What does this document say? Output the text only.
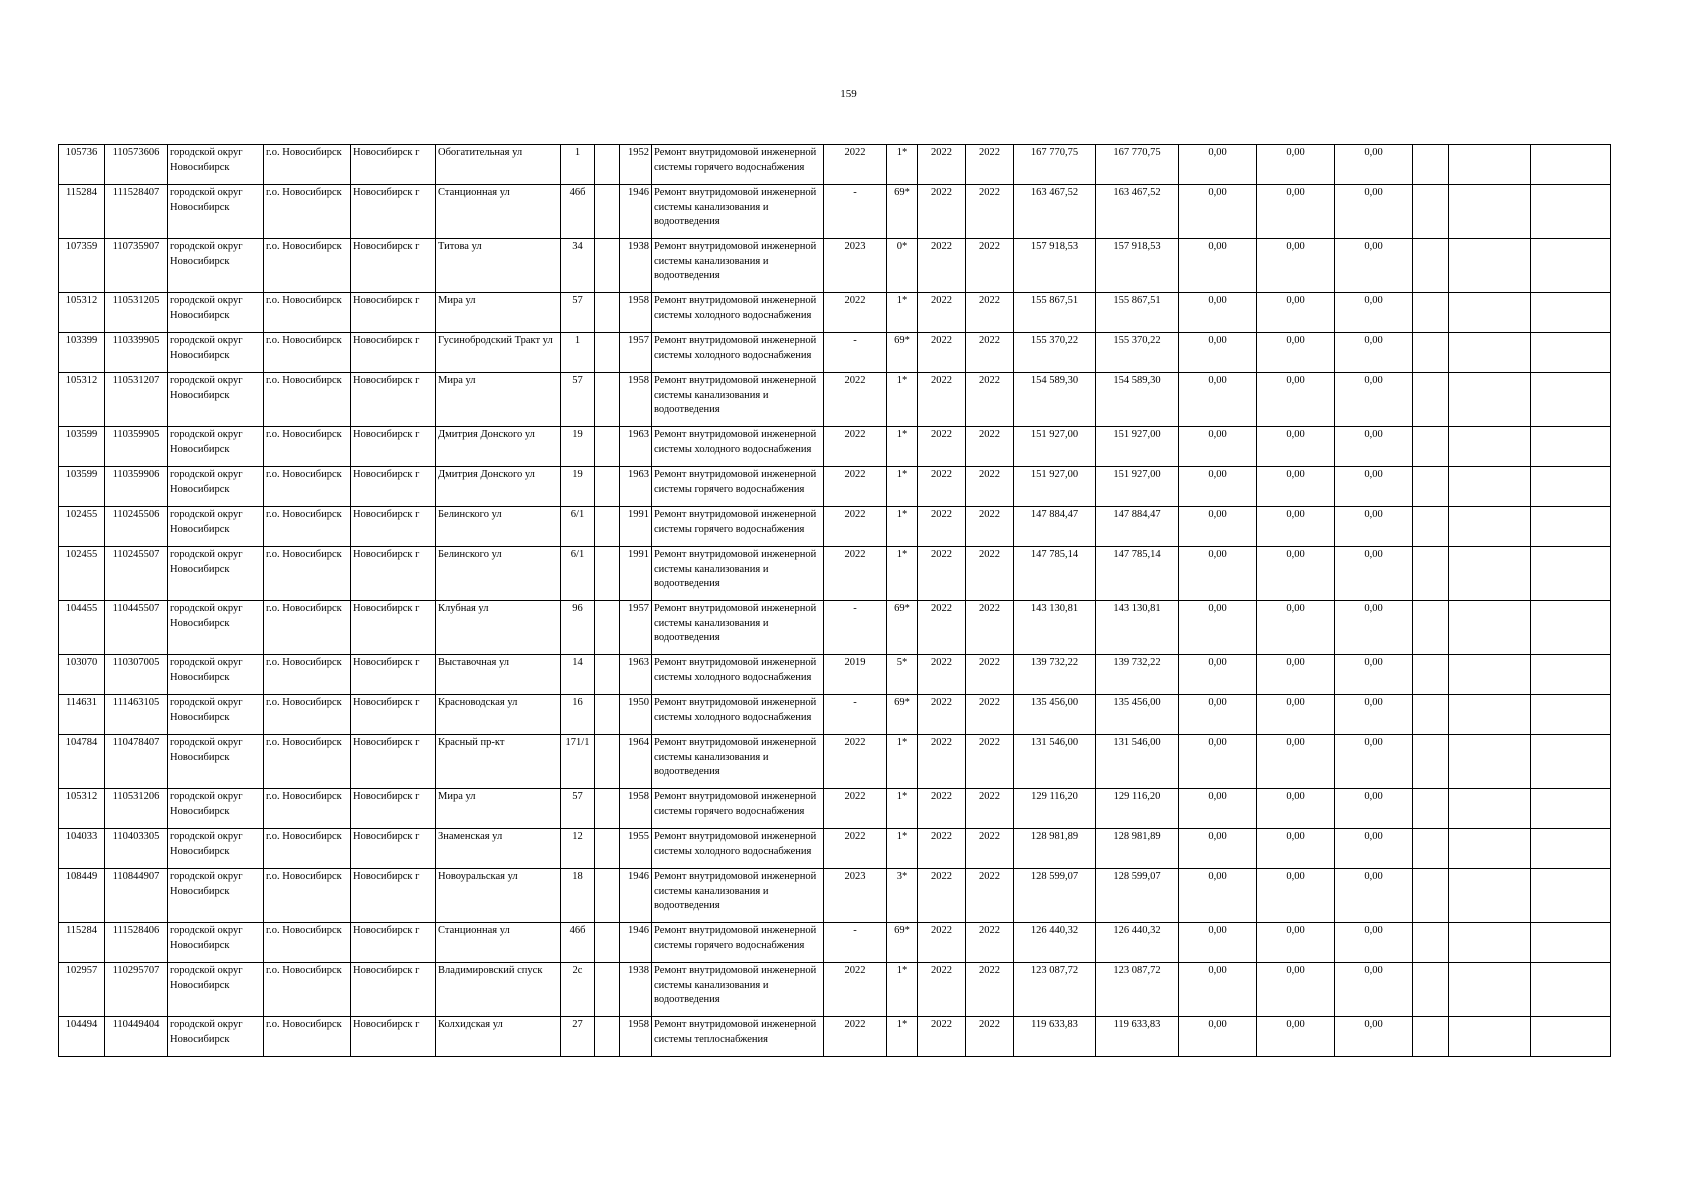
159
105736	110573606	городской округ Новосибирск	г.о. Новосибирск	Новосибирск г	Обогатительная ул	1		1952	Ремонт внутридомовой инженерной системы горячего водоснабжения	2022	1*	2022	2022	167 770,75	167 770,75	0,00	0,00	0,00			
115284	111528407	городской округ Новосибирск	г.о. Новосибирск	Новосибирск г	Станционная ул	46б		1946	Ремонт внутридомовой инженерной системы канализования и водоотведения	-	69*	2022	2022	163 467,52	163 467,52	0,00	0,00	0,00			
107359	110735907	городской округ Новосибирск	г.о. Новосибирск	Новосибирск г	Титова ул	34		1938	Ремонт внутридомовой инженерной системы канализования и водоотведения	2023	0*	2022	2022	157 918,53	157 918,53	0,00	0,00	0,00			
105312	110531205	городской округ Новосибирск	г.о. Новосибирск	Новосибирск г	Мира ул	57		1958	Ремонт внутридомовой инженерной системы холодного водоснабжения	2022	1*	2022	2022	155 867,51	155 867,51	0,00	0,00	0,00			
103399	110339905	городской округ Новосибирск	г.о. Новосибирск	Новосибирск г	Гусинобродский Тракт ул	1		1957	Ремонт внутридомовой инженерной системы холодного водоснабжения	-	69*	2022	2022	155 370,22	155 370,22	0,00	0,00	0,00			
105312	110531207	городской округ Новосибирск	г.о. Новосибирск	Новосибирск г	Мира ул	57		1958	Ремонт внутридомовой инженерной системы канализования и водоотведения	2022	1*	2022	2022	154 589,30	154 589,30	0,00	0,00	0,00			
103599	110359905	городской округ Новосибирск	г.о. Новосибирск	Новосибирск г	Дмитрия Донского ул	19		1963	Ремонт внутридомовой инженерной системы холодного водоснабжения	2022	1*	2022	2022	151 927,00	151 927,00	0,00	0,00	0,00			
103599	110359906	городской округ Новосибирск	г.о. Новосибирск	Новосибирск г	Дмитрия Донского ул	19		1963	Ремонт внутридомовой инженерной системы горячего водоснабжения	2022	1*	2022	2022	151 927,00	151 927,00	0,00	0,00	0,00			
102455	110245506	городской округ Новосибирск	г.о. Новосибирск	Новосибирск г	Белинского ул	6/1		1991	Ремонт внутридомовой инженерной системы горячего водоснабжения	2022	1*	2022	2022	147 884,47	147 884,47	0,00	0,00	0,00			
102455	110245507	городской округ Новосибирск	г.о. Новосибирск	Новосибирск г	Белинского ул	6/1		1991	Ремонт внутридомовой инженерной системы канализования и водоотведения	2022	1*	2022	2022	147 785,14	147 785,14	0,00	0,00	0,00			
104455	110445507	городской округ Новосибирск	г.о. Новосибирск	Новосибирск г	Клубная ул	96		1957	Ремонт внутридомовой инженерной системы канализования и водоотведения	-	69*	2022	2022	143 130,81	143 130,81	0,00	0,00	0,00			
103070	110307005	городской округ Новосибирск	г.о. Новосибирск	Новосибирск г	Выставочная ул	14		1963	Ремонт внутридомовой инженерной системы холодного водоснабжения	2019	5*	2022	2022	139 732,22	139 732,22	0,00	0,00	0,00			
114631	111463105	городской округ Новосибирск	г.о. Новосибирск	Новосибирск г	Красноводская ул	16		1950	Ремонт внутридомовой инженерной системы холодного водоснабжения	-	69*	2022	2022	135 456,00	135 456,00	0,00	0,00	0,00			
104784	110478407	городской округ Новосибирск	г.о. Новосибирск	Новосибирск г	Красный пр-кт	171/1		1964	Ремонт внутридомовой инженерной системы канализования и водоотведения	2022	1*	2022	2022	131 546,00	131 546,00	0,00	0,00	0,00			
105312	110531206	городской округ Новосибирск	г.о. Новосибирск	Новосибирск г	Мира ул	57		1958	Ремонт внутридомовой инженерной системы горячего водоснабжения	2022	1*	2022	2022	129 116,20	129 116,20	0,00	0,00	0,00			
104033	110403305	городской округ Новосибирск	г.о. Новосибирск	Новосибирск г	Знаменская ул	12		1955	Ремонт внутридомовой инженерной системы холодного водоснабжения	2022	1*	2022	2022	128 981,89	128 981,89	0,00	0,00	0,00			
108449	110844907	городской округ Новосибирск	г.о. Новосибирск	Новосибирск г	Новоуральская ул	18		1946	Ремонт внутридомовой инженерной системы канализования и водоотведения	2023	3*	2022	2022	128 599,07	128 599,07	0,00	0,00	0,00			
115284	111528406	городской округ Новосибирск	г.о. Новосибирск	Новосибирск г	Станционная ул	46б		1946	Ремонт внутридомовой инженерной системы горячего водоснабжения	-	69*	2022	2022	126 440,32	126 440,32	0,00	0,00	0,00			
102957	110295707	городской округ Новосибирск	г.о. Новосибирск	Новосибирск г	Владимировский спуск	2с		1938	Ремонт внутридомовой инженерной системы канализования и водоотведения	2022	1*	2022	2022	123 087,72	123 087,72	0,00	0,00	0,00			
104494	110449404	городской округ Новосибирск	г.о. Новосибирск	Новосибирск г	Колхидская ул	27		1958	Ремонт внутридомовой инженерной системы теплоснабжения	2022	1*	2022	2022	119 633,83	119 633,83	0,00	0,00	0,00			
